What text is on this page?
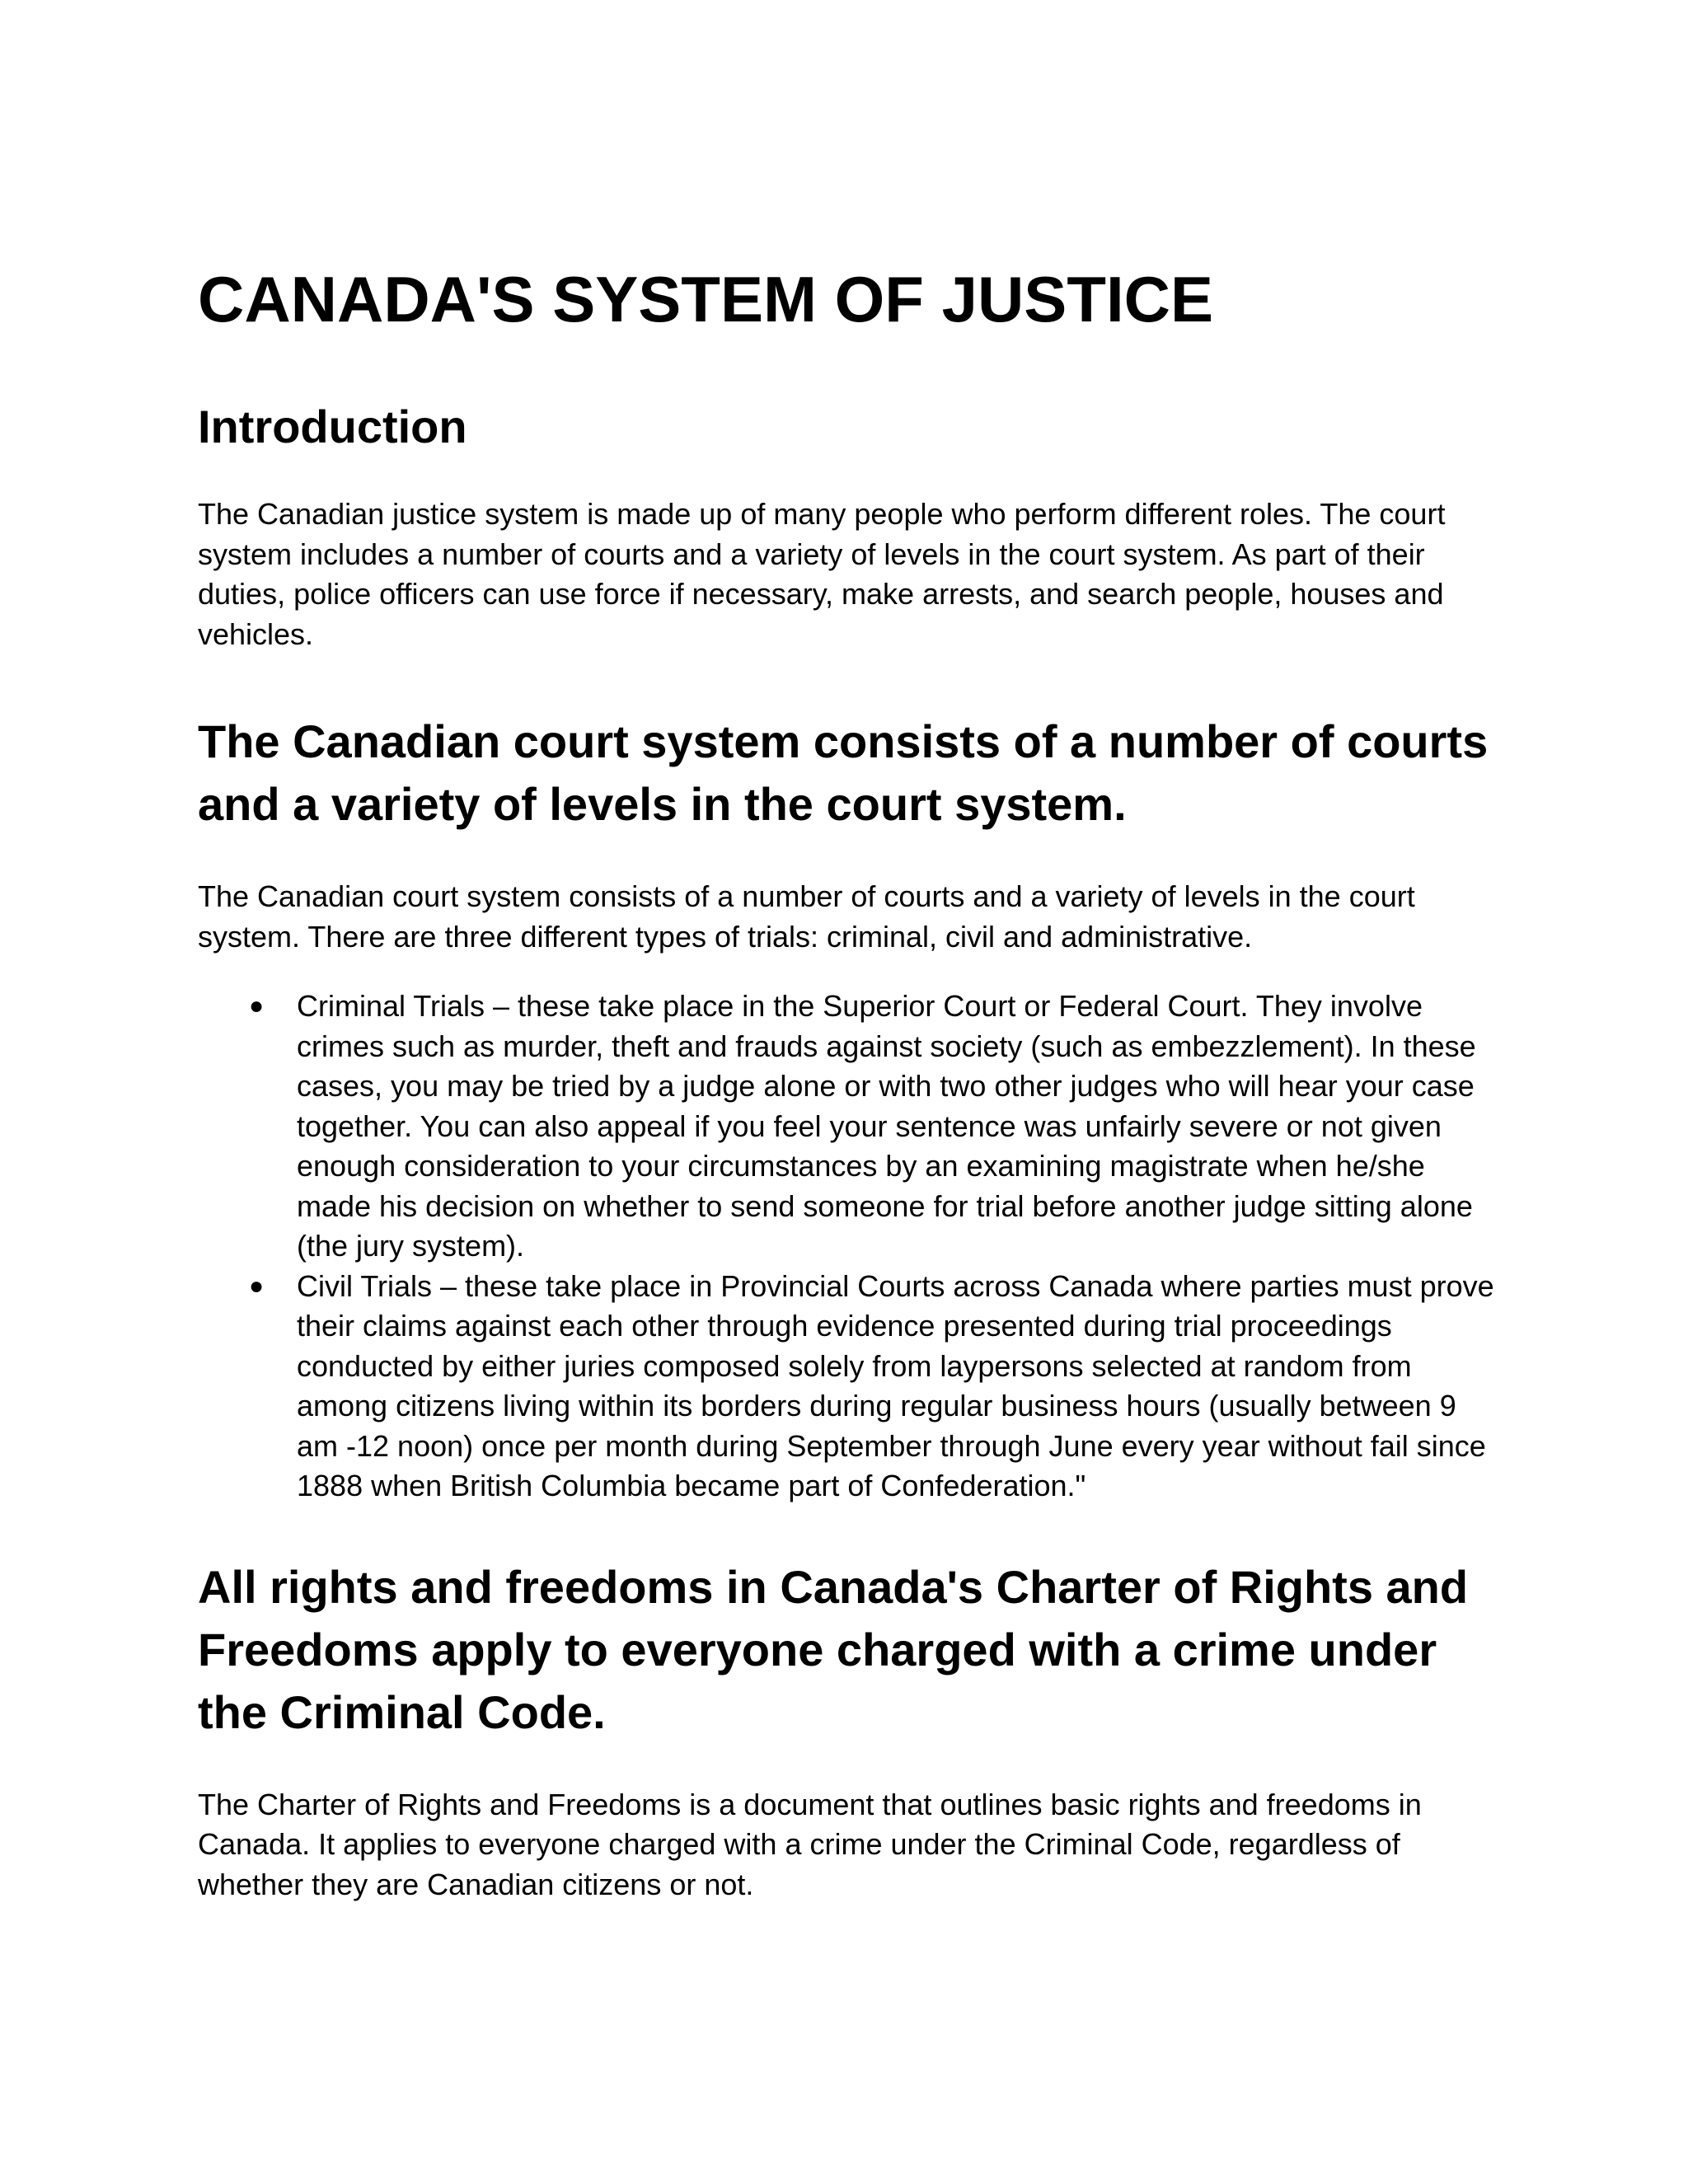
CANADA'S SYSTEM OF JUSTICE
Introduction

The Canadian justice system is made up of many people who perform different roles. The court system includes a number of courts and a variety of levels in the court system. As part of their duties, police officers can use force if necessary, make arrests, and search people, houses and vehicles.

The Canadian court system consists of a number of courts and a variety of levels in the court system.

The Canadian court system consists of a number of courts and a variety of levels in the court system. There are three different types of trials: criminal, civil and administrative.

● Criminal Trials – these take place in the Superior Court or Federal Court. They involve crimes such as murder, theft and frauds against society (such as embezzlement). In these cases, you may be tried by a judge alone or with two other judges who will hear your case together. You can also appeal if you feel your sentence was unfairly severe or not given enough consideration to your circumstances by an examining magistrate when he/she made his decision on whether to send someone for trial before another judge sitting alone (the jury system).
● Civil Trials – these take place in Provincial Courts across Canada where parties must prove their claims against each other through evidence presented during trial proceedings conducted by either juries composed solely from laypersons selected at random from among citizens living within its borders during regular business hours (usually between 9 am -12 noon) once per month during September through June every year without fail since 1888 when British Columbia became part of Confederation."
All rights and freedoms in Canada's Charter of Rights and Freedoms apply to everyone charged with a crime under the Criminal Code.

The Charter of Rights and Freedoms is a document that outlines basic rights and freedoms in Canada. It applies to everyone charged with a crime under the Criminal Code, regardless of whether they are Canadian citizens or not.
